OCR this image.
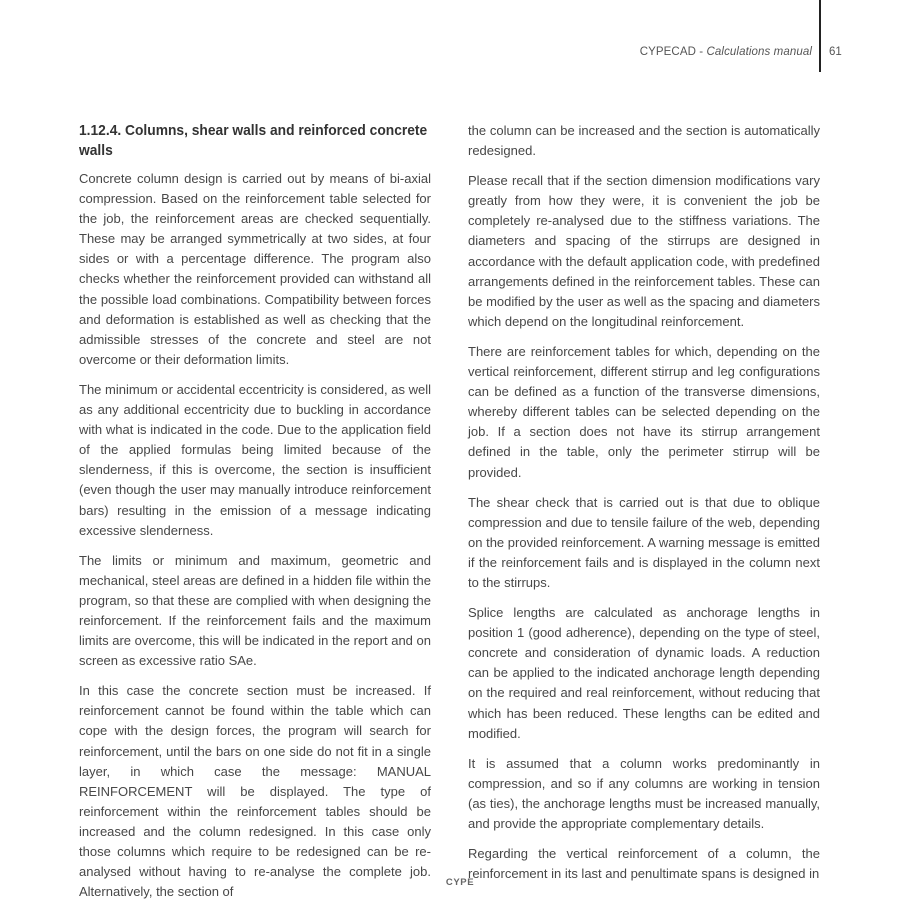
CYPECAD - Calculations manual 61
1.12.4. Columns, shear walls and reinforced concrete walls

Concrete column design is carried out by means of bi-axial compression. Based on the reinforcement table selected for the job, the reinforcement areas are checked sequentially. These may be arranged symmetrically at two sides, at four sides or with a percentage difference. The program also checks whether the reinforcement provided can withstand all the possible load combinations. Compatibility between forces and deformation is established as well as checking that the admissible stresses of the concrete and steel are not overcome or their deformation limits.

The minimum or accidental eccentricity is considered, as well as any additional eccentricity due to buckling in accordance with what is indicated in the code. Due to the application field of the applied formulas being limited because of the slenderness, if this is overcome, the section is insufficient (even though the user may manually introduce reinforcement bars) resulting in the emission of a message indicating excessive slenderness.

The limits or minimum and maximum, geometric and mechanical, steel areas are defined in a hidden file within the program, so that these are complied with when designing the reinforcement. If the reinforcement fails and the maximum limits are overcome, this will be indicated in the report and on screen as excessive ratio SAe.

In this case the concrete section must be increased. If reinforcement cannot be found within the table which can cope with the design forces, the program will search for reinforcement, until the bars on one side do not fit in a single layer, in which case the message: MANUAL REINFORCEMENT will be displayed. The type of reinforcement within the reinforcement tables should be increased and the column redesigned. In this case only those columns which require to be redesigned can be re-analysed without having to re-analyse the complete job. Alternatively, the section of

the column can be increased and the section is automatically redesigned.

Please recall that if the section dimension modifications vary greatly from how they were, it is convenient the job be completely re-analysed due to the stiffness variations. The diameters and spacing of the stirrups are designed in accordance with the default application code, with predefined arrangements defined in the reinforcement tables. These can be modified by the user as well as the spacing and diameters which depend on the longitudinal reinforcement.

There are reinforcement tables for which, depending on the vertical reinforcement, different stirrup and leg configurations can be defined as a function of the transverse dimensions, whereby different tables can be selected depending on the job. If a section does not have its stirrup arrangement defined in the table, only the perimeter stirrup will be provided.

The shear check that is carried out is that due to oblique compression and due to tensile failure of the web, depending on the provided reinforcement. A warning message is emitted if the reinforcement fails and is displayed in the column next to the stirrups.

Splice lengths are calculated as anchorage lengths in position 1 (good adherence), depending on the type of steel, concrete and consideration of dynamic loads. A reduction can be applied to the indicated anchorage length depending on the required and real reinforcement, without reducing that which has been reduced. These lengths can be edited and modified.

It is assumed that a column works predominantly in compression, and so if any columns are working in tension (as ties), the anchorage lengths must be increased manually, and provide the appropriate complementary details.

Regarding the vertical reinforcement of a column, the reinforcement in its last and penultimate spans is designed in

CYPE
